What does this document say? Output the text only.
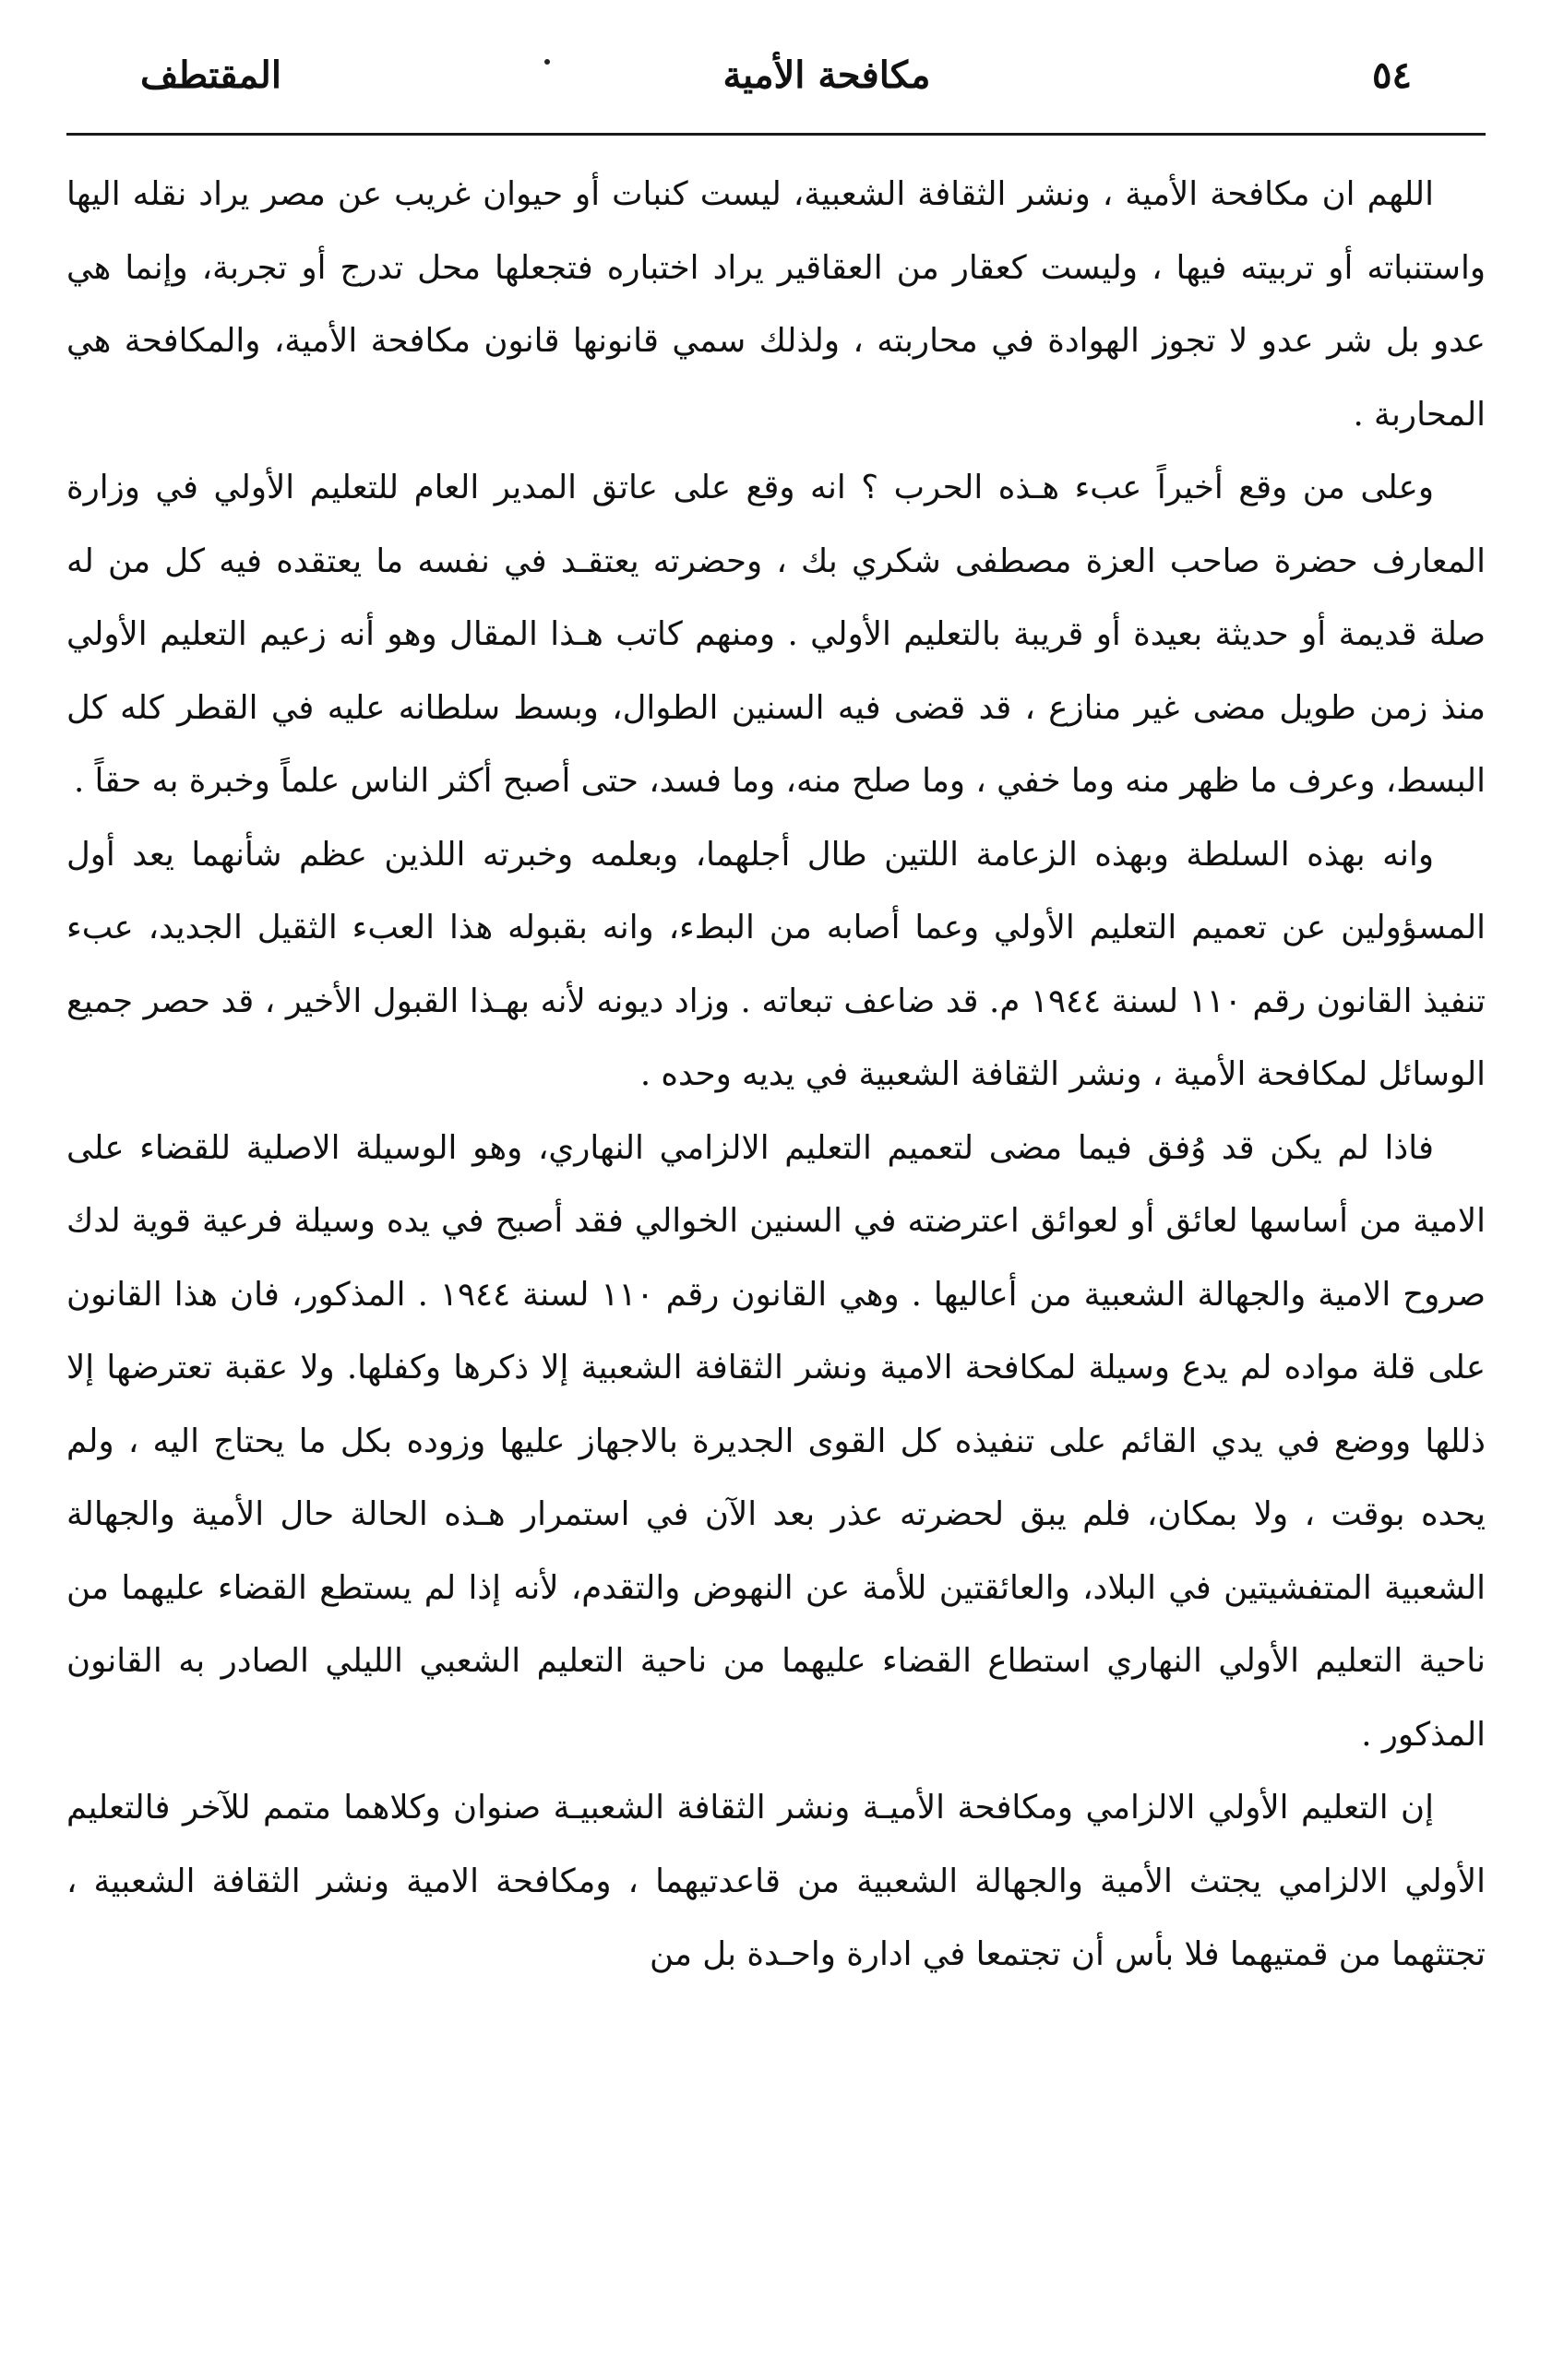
٥٤
مكافحة الأمية
المقتطف

اللهم ان مكافحة الأمية ، ونشر الثقافة الشعبية، ليست كنبات أو حيوان غريب عن مصر يراد نقله اليها واستنباته أو تربيته فيها ، وليست كعقار من العقاقير يراد اختباره فتجعلها محل تدرج أو تجربة، وإنما هي عدو بل شر عدو لا تجوز الهوادة في محاربته ، ولذلك سمي قانونها قانون مكافحة الأمية، والمكافحة هي المحاربة .

وعلى من وقع أخيراً عبء هـذه الحرب ؟ انه وقع على عاتق المدير العام للتعليم الأولي في وزارة المعارف حضرة صاحب العزة مصطفى شكري بك ، وحضرته يعتقـد في نفسه ما يعتقده فيه كل من له صلة قديمة أو حديثة بعيدة أو قريبة بالتعليم الأولي . ومنهم كاتب هـذا المقال وهو أنه زعيم التعليم الأولي منذ زمن طويل مضى غير منازع ، قد قضى فيه السنين الطوال، وبسط سلطانه عليه في القطر كله كل البسط، وعرف ما ظهر منه وما خفي ، وما صلح منه، وما فسد، حتى أصبح أكثر الناس علماً وخبرة به حقاً .

وانه بهذه السلطة وبهذه الزعامة اللتين طال أجلهما، وبعلمه وخبرته اللذين عظم شأنهما يعد أول المسؤولين عن تعميم التعليم الأولي وعما أصابه من البطء، وانه بقبوله هذا العبء الثقيل الجديد، عبء تنفيذ القانون رقم ١١٠ لسنة ١٩٤٤ م. قد ضاعف تبعاته . وزاد ديونه لأنه بهـذا القبول الأخير ، قد حصر جميع الوسائل لمكافحة الأمية ، ونشر الثقافة الشعبية في يديه وحده .

فاذا لم يكن قد وُفق فيما مضى لتعميم التعليم الالزامي النهاري، وهو الوسيلة الاصلية للقضاء على الامية من أساسها لعائق أو لعوائق اعترضته في السنين الخوالي فقد أصبح في يده وسيلة فرعية قوية لدك صروح الامية والجهالة الشعبية من أعاليها . وهي القانون رقم ١١٠ لسنة ١٩٤٤ . المذكور، فان هذا القانون على قلة مواده لم يدع وسيلة لمكافحة الامية ونشر الثقافة الشعبية إلا ذكرها وكفلها. ولا عقبة تعترضها إلا ذللها ووضع في يدي القائم على تنفيذه كل القوى الجديرة بالاجهاز عليها وزوده بكل ما يحتاج اليه ، ولم يحده بوقت ، ولا بمكان، فلم يبق لحضرته عذر بعد الآن في استمرار هـذه الحالة حال الأمية والجهالة الشعبية المتفشيتين في البلاد، والعائقتين للأمة عن النهوض والتقدم، لأنه إذا لم يستطع القضاء عليهما من ناحية التعليم الأولي النهاري استطاع القضاء عليهما من ناحية التعليم الشعبي الليلي الصادر به القانون المذكور .

إن التعليم الأولي الالزامي ومكافحة الأميـة ونشر الثقافة الشعبيـة صنوان وكلاهما متمم للآخر فالتعليم الأولي الالزامي يجتث الأمية والجهالة الشعبية من قاعدتيهما ، ومكافحة الامية ونشر الثقافة الشعبية ، تجتثهما من قمتيهما فلا بأس أن تجتمعا في ادارة واحـدة بل من
